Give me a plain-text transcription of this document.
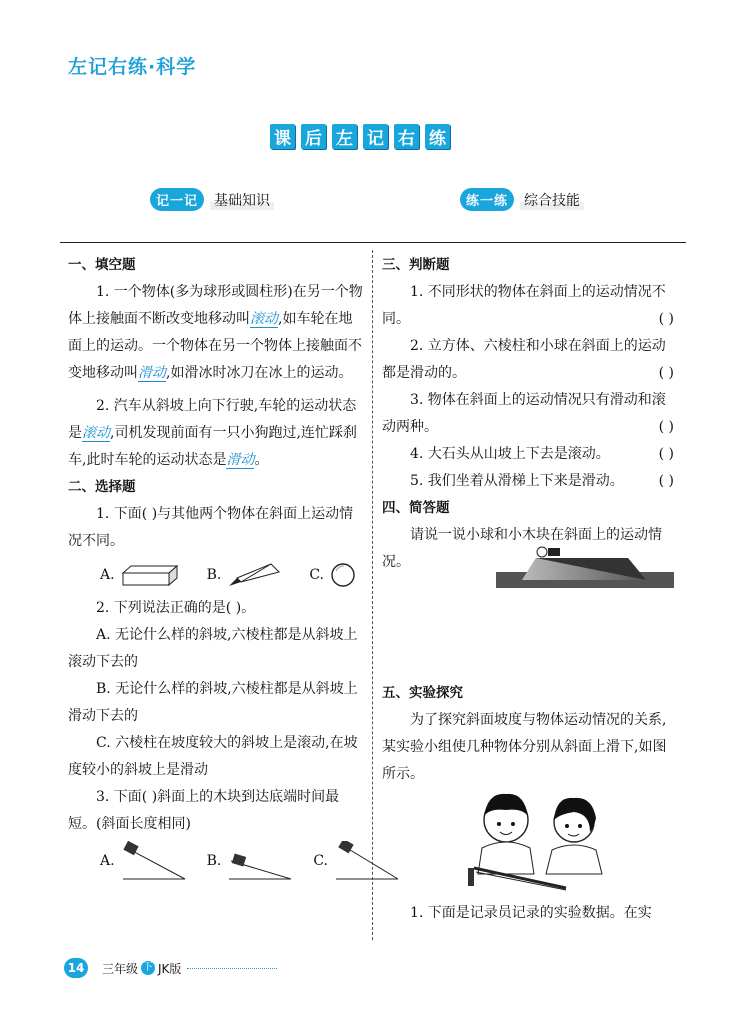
左记右练·科学
课 后 左 记 右 练
记一记	基础知识	练一练	综合技能

一、填空题

1. 一个物体(多为球形或圆柱形)在另一个物体上接触面不断改变地移动叫滚动,如车轮在地面上的运动。一个物体在另一个物体上接触面不变地移动叫滑动,如滑冰时冰刀在冰上的运动。

2. 汽车从斜坡上向下行驶,车轮的运动状态是滚动,司机发现前面有一只小狗跑过,连忙踩刹车,此时车轮的运动状态是滑动。

二、选择题

1. 下面( )与其他两个物体在斜面上运动情况不同。

A.	B.	C.

2. 下列说法正确的是( )。

A. 无论什么样的斜坡,六棱柱都是从斜坡上滚动下去的

B. 无论什么样的斜坡,六棱柱都是从斜坡上滑动下去的

C. 六棱柱在坡度较大的斜坡上是滚动,在坡度较小的斜坡上是滑动

3. 下面( )斜面上的木块到达底端时间最短。(斜面长度相同)

A.	B.	C.

三、判断题

1. 不同形状的物体在斜面上的运动情况不同。	( )

2. 立方体、六棱柱和小球在斜面上的运动都是滑动的。	( )

3. 物体在斜面上的运动情况只有滑动和滚动两种。	( )

4. 大石头从山坡上下去是滚动。	( )

5. 我们坐着从滑梯上下来是滑动。	( )

四、简答题

请说一说小球和小木块在斜面上的运动情况。

五、实验探究

为了探究斜面坡度与物体运动情况的关系,某实验小组使几种物体分别从斜面上滑下,如图所示。

1. 下面是记录员记录的实验数据。在实

14	三年级 下 JK版
